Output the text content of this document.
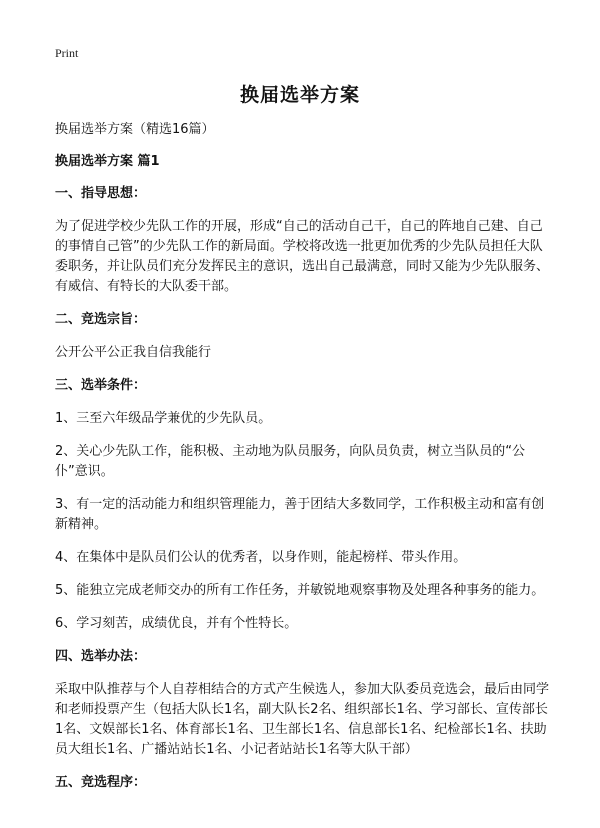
Print
换届选举方案

换届选举方案（精选16篇）

换届选举方案 篇1

一、指导思想：

为了促进学校少先队工作的开展，形成“自己的活动自己干，自己的阵地自己建、自己的事情自己管”的少先队工作的新局面。学校将改选一批更加优秀的少先队员担任大队委职务，并让队员们充分发挥民主的意识，选出自己最满意，同时又能为少先队服务、有威信、有特长的大队委干部。

二、竞选宗旨：

公开公平公正我自信我能行

三、选举条件：

1、三至六年级品学兼优的少先队员。

2、关心少先队工作，能积极、主动地为队员服务，向队员负责，树立当队员的“公仆”意识。

3、有一定的活动能力和组织管理能力，善于团结大多数同学，工作积极主动和富有创新精神。

4、在集体中是队员们公认的优秀者，以身作则，能起榜样、带头作用。

5、能独立完成老师交办的所有工作任务，并敏锐地观察事物及处理各种事务的能力。

6、学习刻苦，成绩优良，并有个性特长。

四、选举办法：

采取中队推荐与个人自荐相结合的方式产生候选人，参加大队委员竞选会，最后由同学和老师投票产生（包括大队长1名，副大队长2名、组织部长1名、学习部长、宣传部长1名、文娱部长1名、体育部长1名、卫生部长1名、信息部长1名、纪检部长1名、扶助员大组长1名、广播站站长1名、小记者站站长1名等大队干部）

五、竞选程序：
